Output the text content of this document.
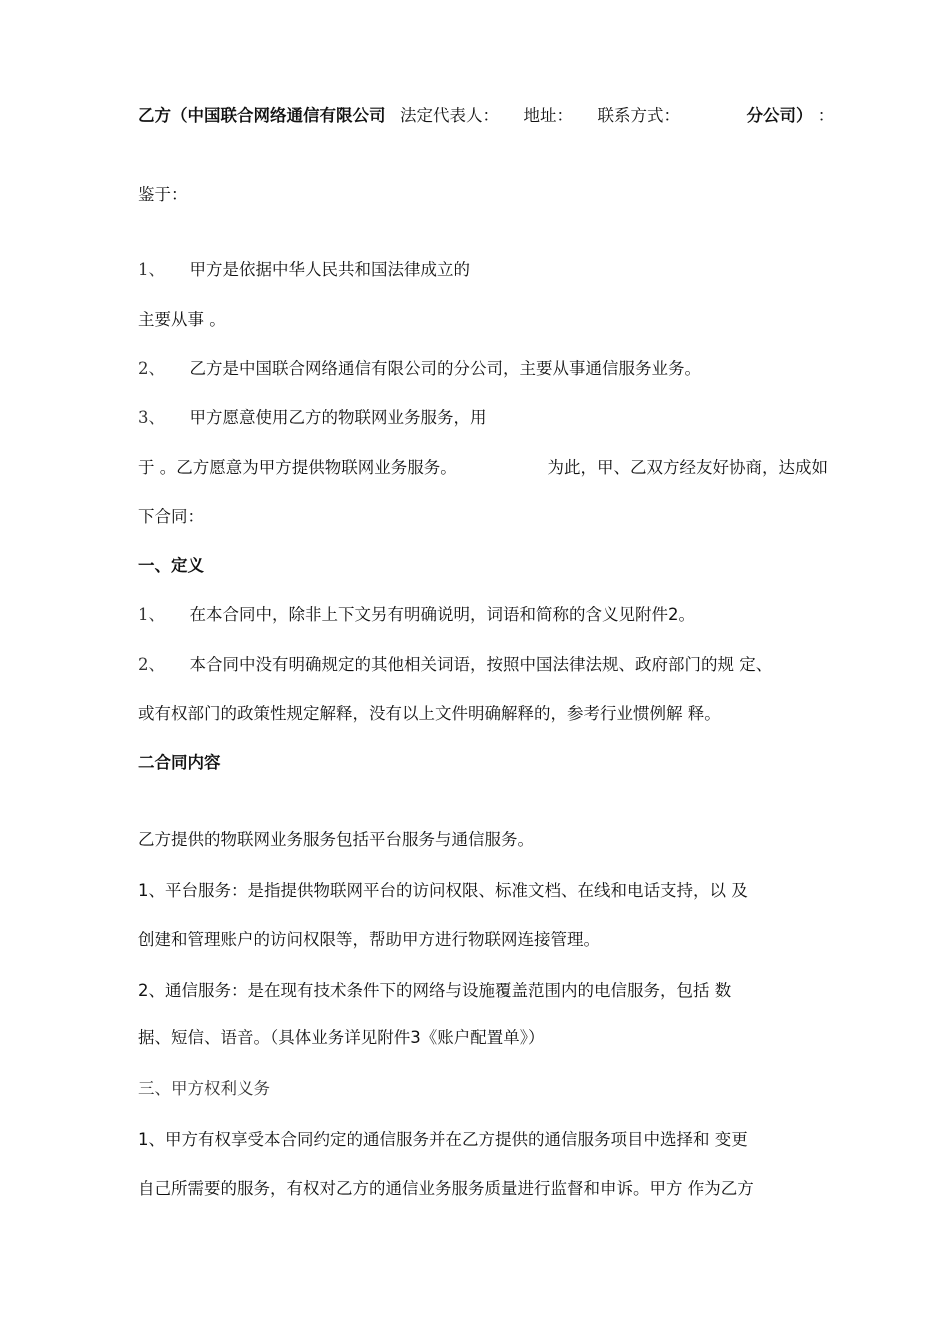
乙方（中国联合网络通信有限公司 法定代表人： 地址： 联系方式：	分公司） ：

鉴于：

1、 甲方是依据中华人民共和国法律成立的

主要从事 。

2、 乙方是中国联合网络通信有限公司的分公司，主要从事通信服务业务。

3、 甲方愿意使用乙方的物联网业务服务，用

于 。乙方愿意为甲方提供物联网业务服务。	为此，甲、乙双方经友好协商，达成如

下合同：

一、定义

1、 在本合同中，除非上下文另有明确说明，词语和简称的含义见附件2。

2、 本合同中没有明确规定的其他相关词语，按照中国法律法规、政府部门的规 定、

或有权部门的政策性规定解释，没有以上文件明确解释的，参考行业惯例解 释。

二合同内容

乙方提供的物联网业务服务包括平台服务与通信服务。

1、平台服务：是指提供物联网平台的访问权限、标准文档、在线和电话支持，以 及

创建和管理账户的访问权限等，帮助甲方进行物联网连接管理。

2、通信服务：是在现有技术条件下的网络与设施覆盖范围内的电信服务，包括 数

据、短信、语音。（具体业务详见附件3《账户配置单》）

三、甲方权利义务

1、甲方有权享受本合同约定的通信服务并在乙方提供的通信服务项目中选择和 变更

自己所需要的服务，有权对乙方的通信业务服务质量进行监督和申诉。甲方 作为乙方
